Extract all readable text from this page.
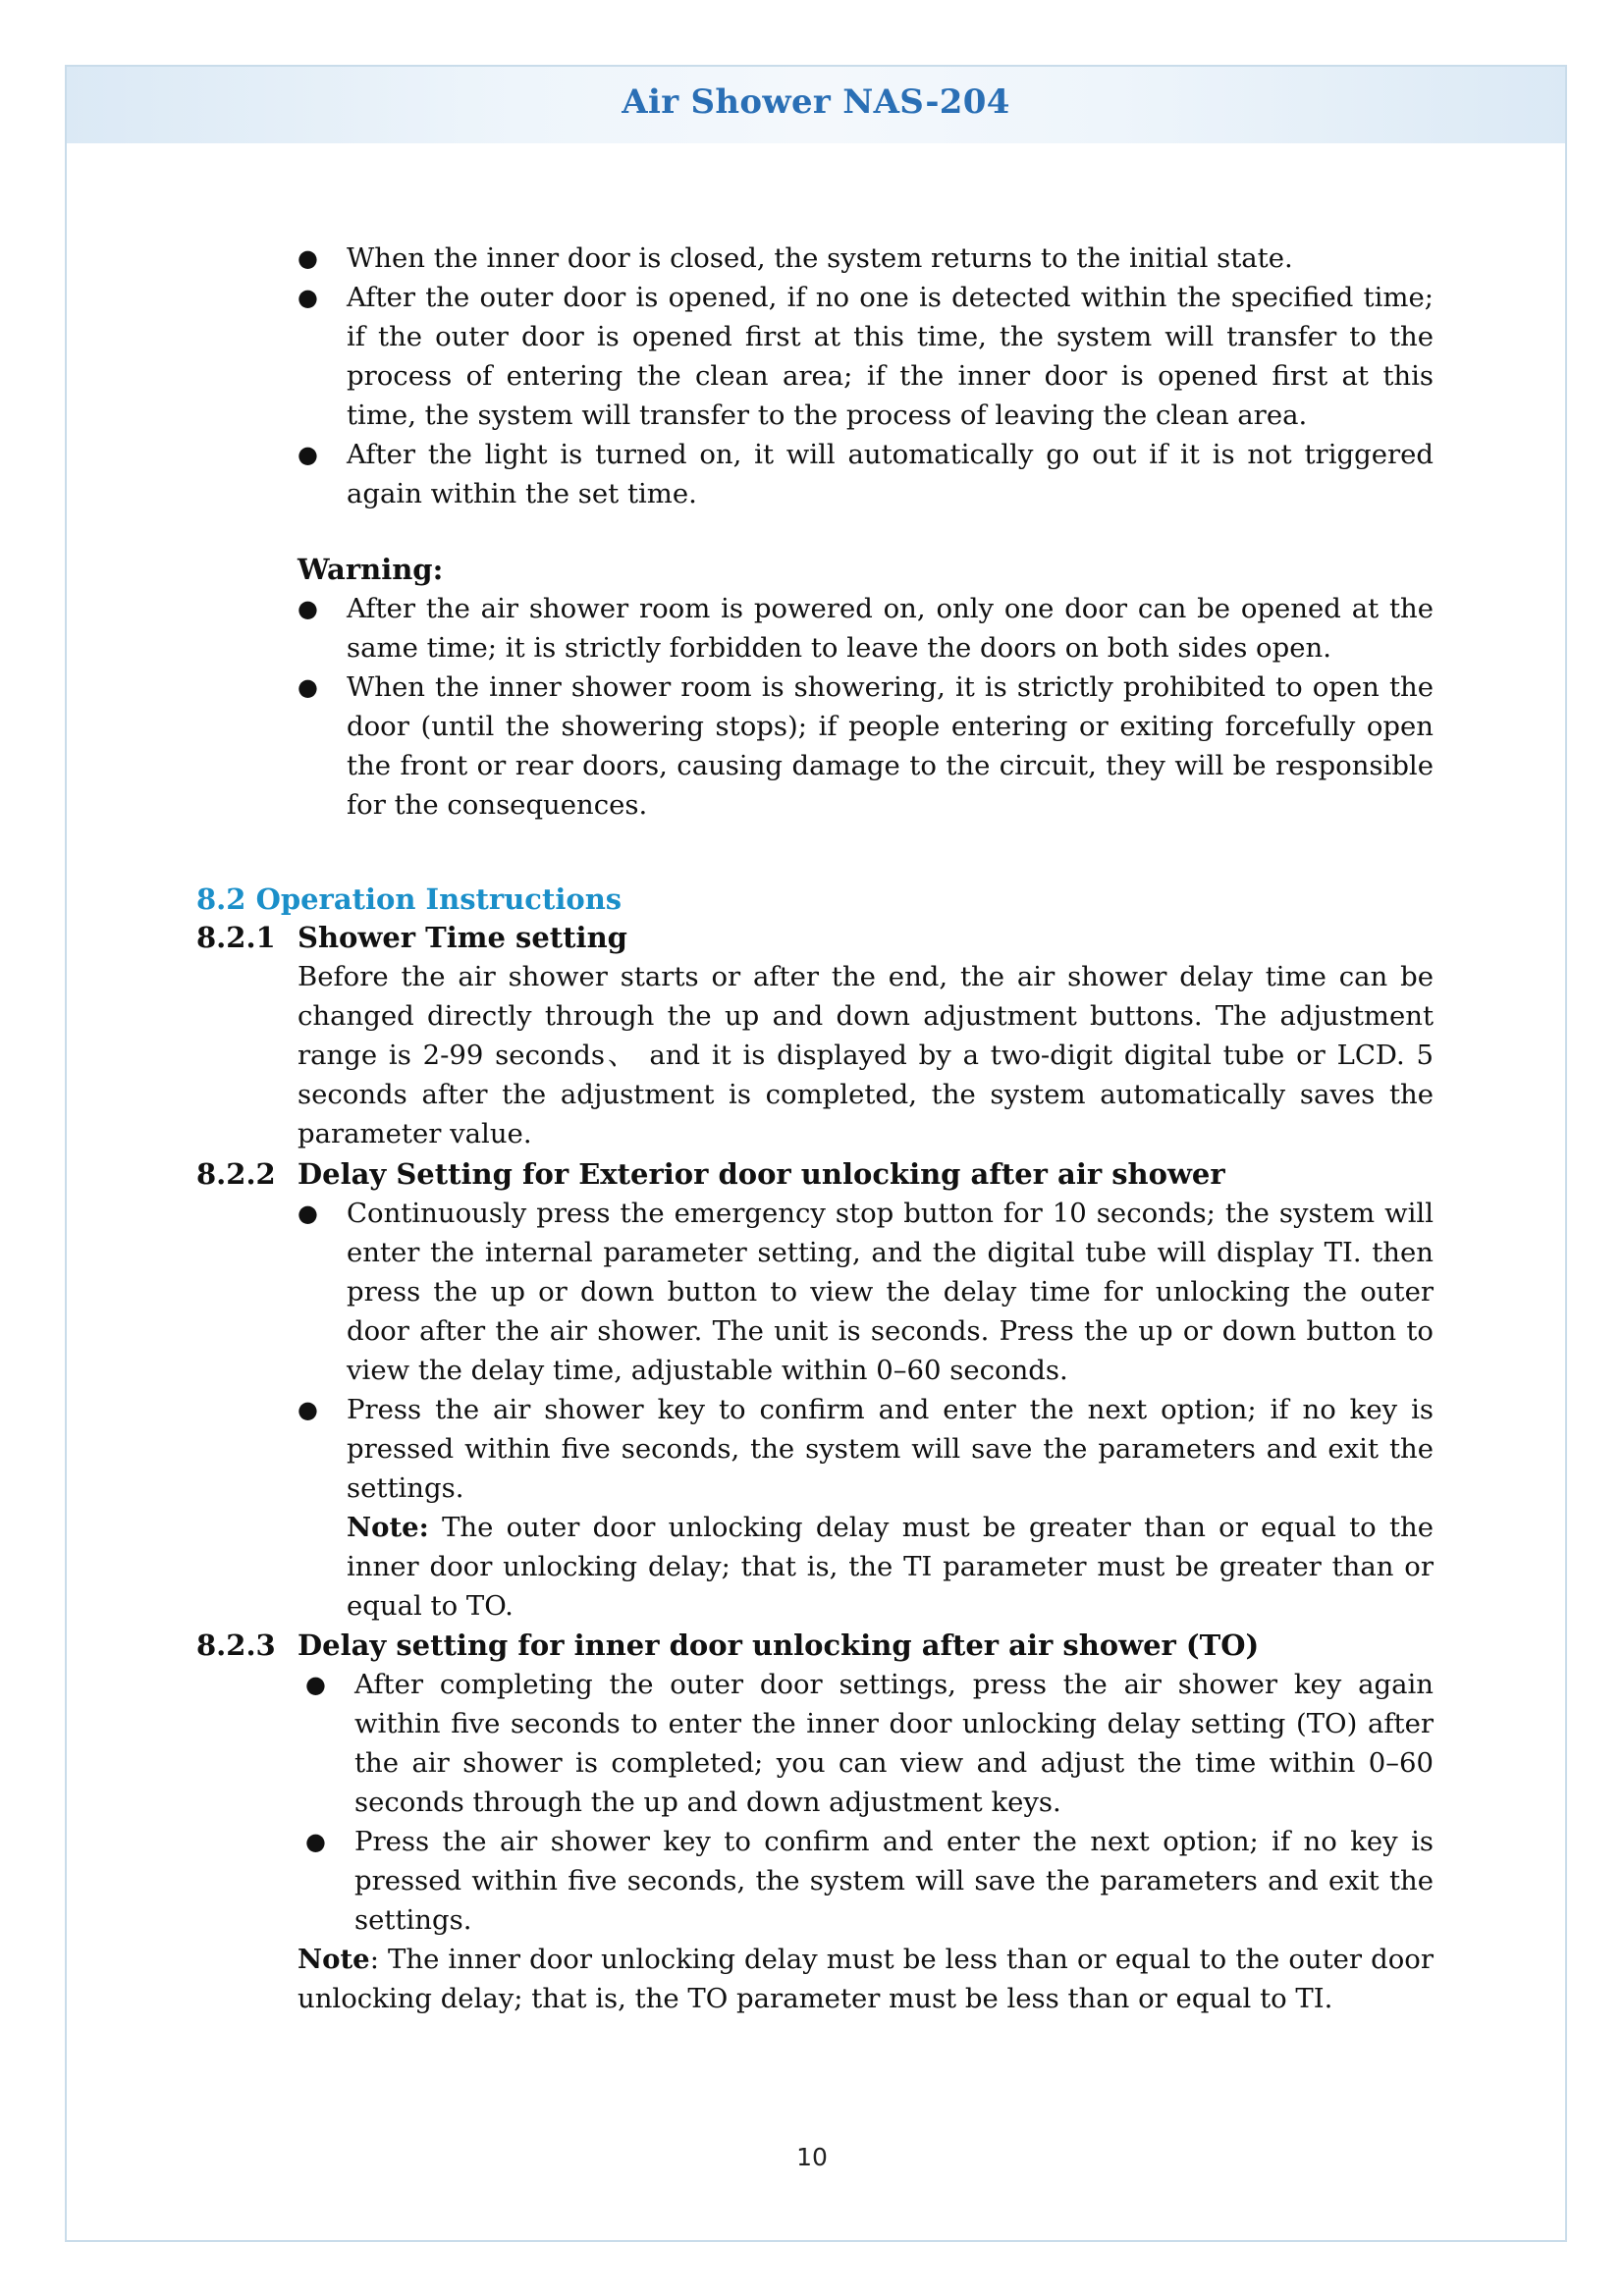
Air Shower NAS-204
● When the inner door is closed, the system returns to the initial state.

● After the outer door is opened, if no one is detected within the specified time; if the outer door is opened first at this time, the system will transfer to the process of entering the clean area; if the inner door is opened first at this time, the system will transfer to the process of leaving the clean area.

● After the light is turned on, it will automatically go out if it is not triggered again within the set time.

Warning:
● After the air shower room is powered on, only one door can be opened at the same time; it is strictly forbidden to leave the doors on both sides open.

● When the inner shower room is showering, it is strictly prohibited to open the door (until the showering stops); if people entering or exiting forcefully open the front or rear doors, causing damage to the circuit, they will be responsible for the consequences.

8.2 Operation Instructions
8.2.1 Shower Time setting

Before the air shower starts or after the end, the air shower delay time can be changed directly through the up and down adjustment buttons. The adjustment range is 2-99 seconds、 and it is displayed by a two-digit digital tube or LCD. 5 seconds after the adjustment is completed, the system automatically saves the parameter value.

8.2.2 Delay Setting for Exterior door unlocking after air shower
● Continuously press the emergency stop button for 10 seconds; the system will enter the internal parameter setting, and the digital tube will display TI. then press the up or down button to view the delay time for unlocking the outer door after the air shower. The unit is seconds. Press the up or down button to view the delay time, adjustable within 0–60 seconds.

● Press the air shower key to confirm and enter the next option; if no key is pressed within five seconds, the system will save the parameters and exit the settings.

Note: The outer door unlocking delay must be greater than or equal to the inner door unlocking delay; that is, the TI parameter must be greater than or equal to TO.

8.2.3 Delay setting for inner door unlocking after air shower (TO)
● After completing the outer door settings, press the air shower key again within five seconds to enter the inner door unlocking delay setting (TO) after the air shower is completed; you can view and adjust the time within 0–60 seconds through the up and down adjustment keys.

● Press the air shower key to confirm and enter the next option; if no key is pressed within five seconds, the system will save the parameters and exit the settings.

Note: The inner door unlocking delay must be less than or equal to the outer door unlocking delay; that is, the TO parameter must be less than or equal to TI.

10
